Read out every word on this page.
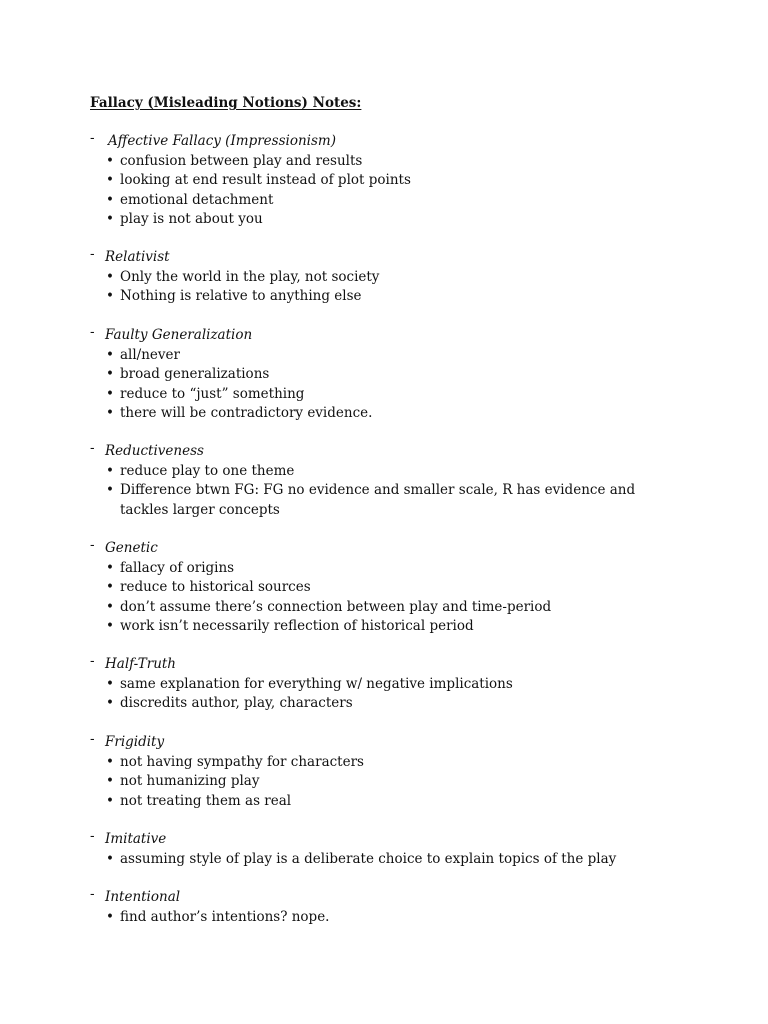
Fallacy (Misleading Notions) Notes:
- Affective Fallacy (Impressionism)
• confusion between play and results
• looking at end result instead of plot points
• emotional detachment
• play is not about you
- Relativist
• Only the world in the play, not society
• Nothing is relative to anything else
- Faulty Generalization
• all/never
• broad generalizations
• reduce to “just” something
• there will be contradictory evidence.
- Reductiveness
• reduce play to one theme
• Difference btwn FG: FG no evidence and smaller scale, R has evidence and tackles larger concepts
- Genetic
• fallacy of origins
• reduce to historical sources
• don’t assume there’s connection between play and time-period
• work isn’t necessarily reflection of historical period
- Half-Truth
• same explanation for everything w/ negative implications
• discredits author, play, characters
- Frigidity
• not having sympathy for characters
• not humanizing play
• not treating them as real
- Imitative
• assuming style of play is a deliberate choice to explain topics of the play
- Intentional
• find author’s intentions? nope.
